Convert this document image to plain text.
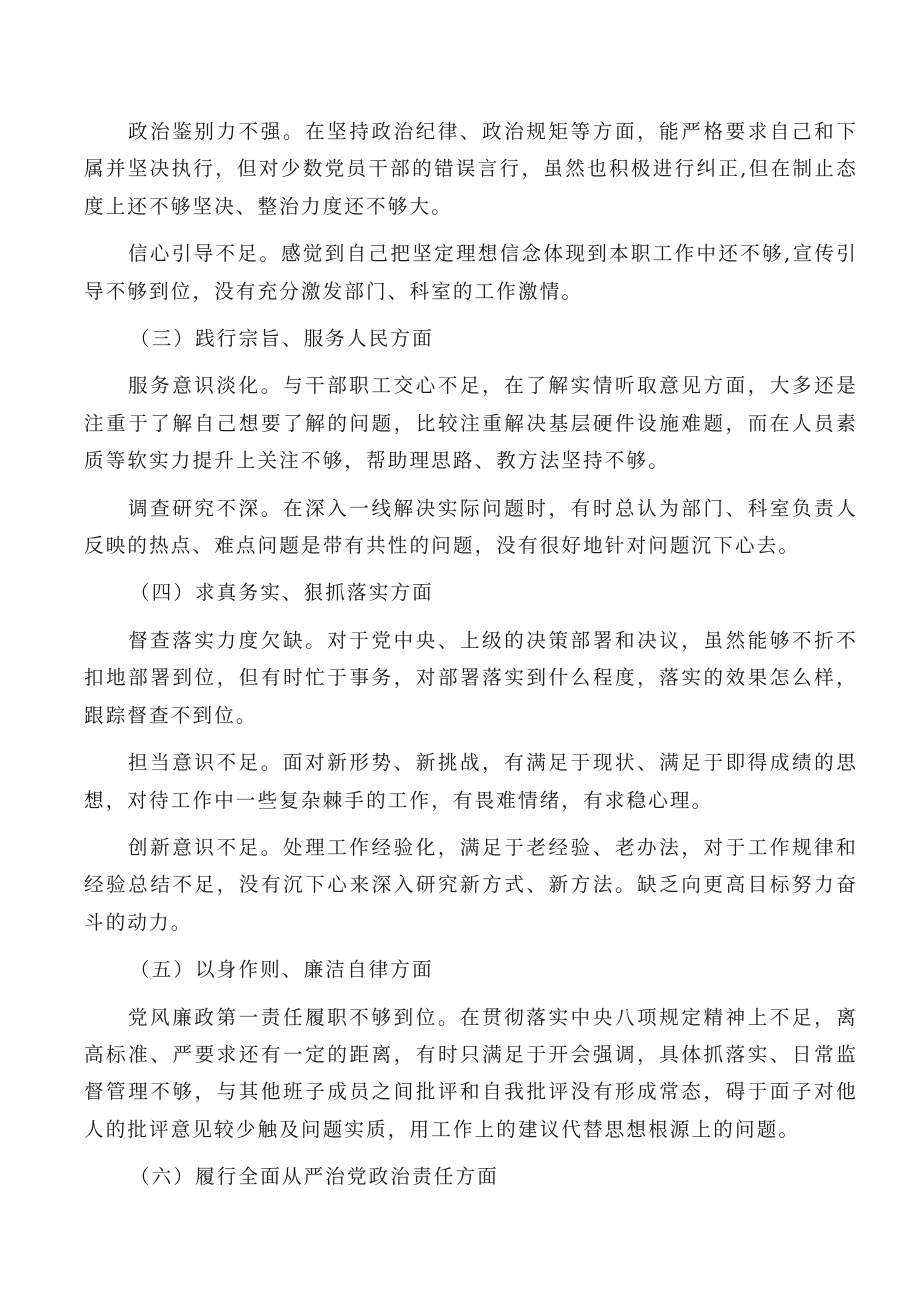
政治鉴别力不强。在坚持政治纪律、政治规矩等方面，能严格要求自己和下属并坚决执行，但对少数党员干部的错误言行，虽然也积极进行纠正,但在制止态度上还不够坚决、整治力度还不够大。

信心引导不足。感觉到自己把坚定理想信念体现到本职工作中还不够,宣传引导不够到位，没有充分激发部门、科室的工作激情。

（三）践行宗旨、服务人民方面

服务意识淡化。与干部职工交心不足，在了解实情听取意见方面，大多还是注重于了解自己想要了解的问题，比较注重解决基层硬件设施难题，而在人员素质等软实力提升上关注不够，帮助理思路、教方法坚持不够。

调查研究不深。在深入一线解决实际问题时，有时总认为部门、科室负责人反映的热点、难点问题是带有共性的问题，没有很好地针对问题沉下心去。

（四）求真务实、狠抓落实方面

督查落实力度欠缺。对于党中央、上级的决策部署和决议，虽然能够不折不扣地部署到位，但有时忙于事务，对部署落实到什么程度，落实的效果怎么样，跟踪督查不到位。

担当意识不足。面对新形势、新挑战，有满足于现状、满足于即得成绩的思想，对待工作中一些复杂棘手的工作，有畏难情绪，有求稳心理。

创新意识不足。处理工作经验化，满足于老经验、老办法，对于工作规律和经验总结不足，没有沉下心来深入研究新方式、新方法。缺乏向更高目标努力奋斗的动力。

（五）以身作则、廉洁自律方面

党风廉政第一责任履职不够到位。在贯彻落实中央八项规定精神上不足，离高标准、严要求还有一定的距离，有时只满足于开会强调，具体抓落实、日常监督管理不够，与其他班子成员之间批评和自我批评没有形成常态，碍于面子对他人的批评意见较少触及问题实质，用工作上的建议代替思想根源上的问题。

（六）履行全面从严治党政治责任方面
